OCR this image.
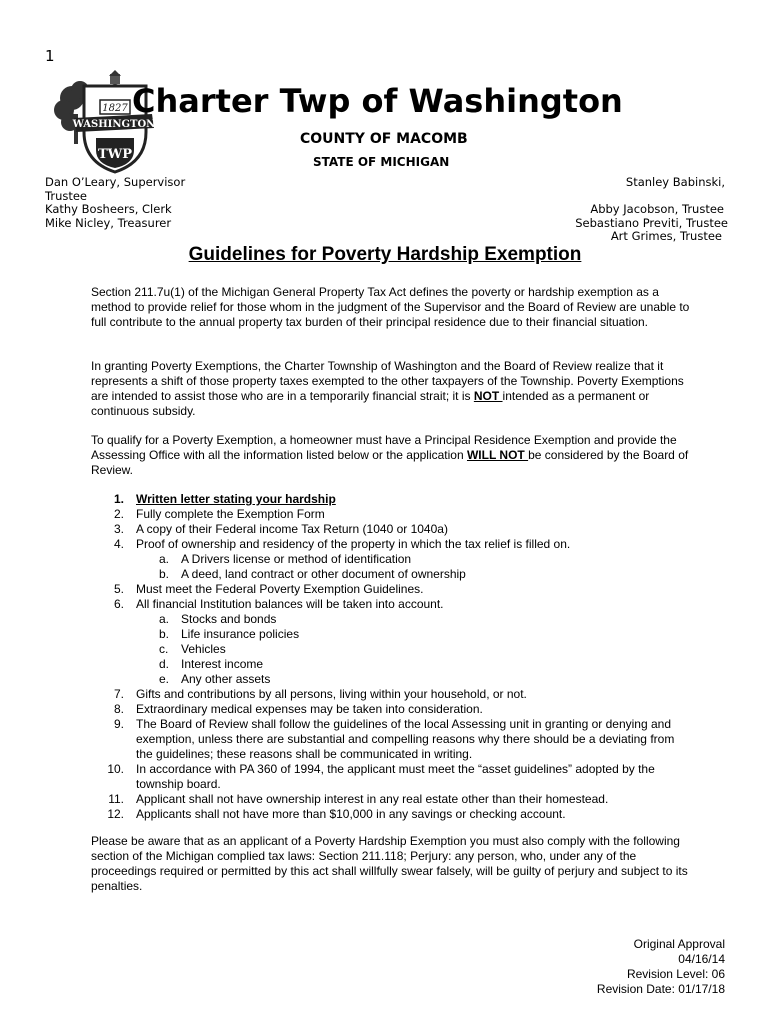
1
1827
WASHINGTON
TWP
Charter Twp of Washington
COUNTY OF MACOMB
STATE OF MICHIGAN
Dan O’Leary, Supervisor
Trustee
Kathy Bosheers, Clerk
Mike Nicley, Treasurer
Stanley Babinski,
Abby Jacobson, Trustee
Sebastiano Previti, Trustee
Art Grimes, Trustee
Guidelines for Poverty Hardship Exemption
Section 211.7u(1) of the Michigan General Property Tax Act defines the poverty or hardship exemption as a method to provide relief for those whom in the judgment of the Supervisor and the Board of Review are unable to full contribute to the annual property tax burden of their principal residence due to their financial situation.
In granting Poverty Exemptions, the Charter Township of Washington and the Board of Review realize that it represents a shift of those property taxes exempted to the other taxpayers of the Township. Poverty Exemptions are intended to assist those who are in a temporarily financial strait; it is NOT intended as a permanent or continuous subsidy.
To qualify for a Poverty Exemption, a homeowner must have a Principal Residence Exemption and provide the Assessing Office with all the information listed below or the application WILL NOT be considered by the Board of Review.
1. Written letter stating your hardship
2. Fully complete the Exemption Form
3. A copy of their Federal income Tax Return (1040 or 1040a)
4. Proof of ownership and residency of the property in which the tax relief is filled on.
a. A Drivers license or method of identification
b. A deed, land contract or other document of ownership
5. Must meet the Federal Poverty Exemption Guidelines.
6. All financial Institution balances will be taken into account.
a. Stocks and bonds
b. Life insurance policies
c.	Vehicles
d. Interest income
e. Any other assets
7. Gifts and contributions by all persons, living within your household, or not.
8. Extraordinary medical expenses may be taken into consideration.
9. The Board of Review shall follow the guidelines of the local Assessing unit in granting or denying and exemption, unless there are substantial and compelling reasons why there should be a deviating from the guidelines; these reasons shall be communicated in writing.
10. In accordance with PA 360 of 1994, the applicant must meet the “asset guidelines” adopted by the township board.
11. Applicant shall not have ownership interest in any real estate other than their homestead.
12. Applicants shall not have more than $10,000 in any savings or checking account.
Please be aware that as an applicant of a Poverty Hardship Exemption you must also comply with the following section of the Michigan complied tax laws: Section 211.118; Perjury: any person, who, under any of the proceedings required or permitted by this act shall willfully swear falsely, will be guilty of perjury and subject to its penalties.
Original Approval
04/16/14
Revision Level: 06
Revision Date: 01/17/18
